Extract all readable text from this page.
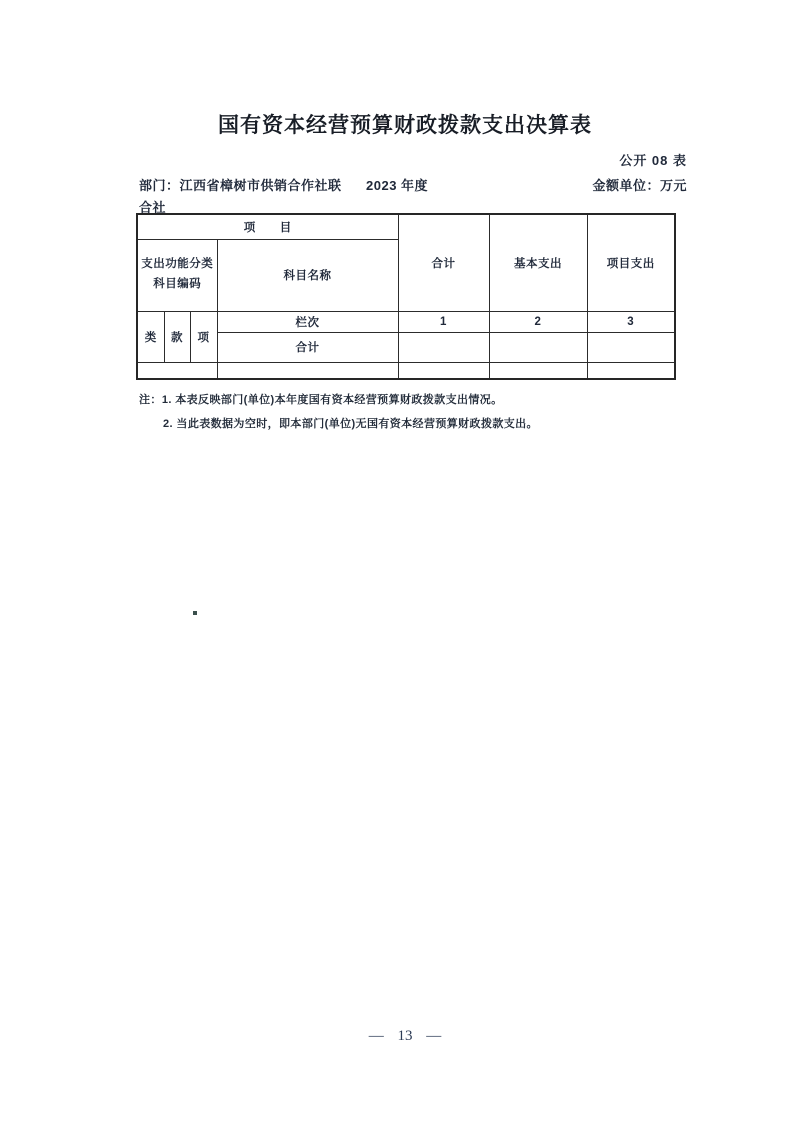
国有资本经营预算财政拨款支出决算表
公开 08 表
部门：江西省樟树市供销合作社联 2023 年度	金额单位：万元
合社
项　　目				合计	基本支出	项目支出

支出功能分类
科目编码			科目名称			
类	款	项	栏次	1	2	3
			合计			

注：1. 本表反映部门(单位)本年度国有资本经营预算财政拨款支出情况。
2. 当此表数据为空时，即本部门(单位)无国有资本经营预算财政拨款支出。
— 13 —
